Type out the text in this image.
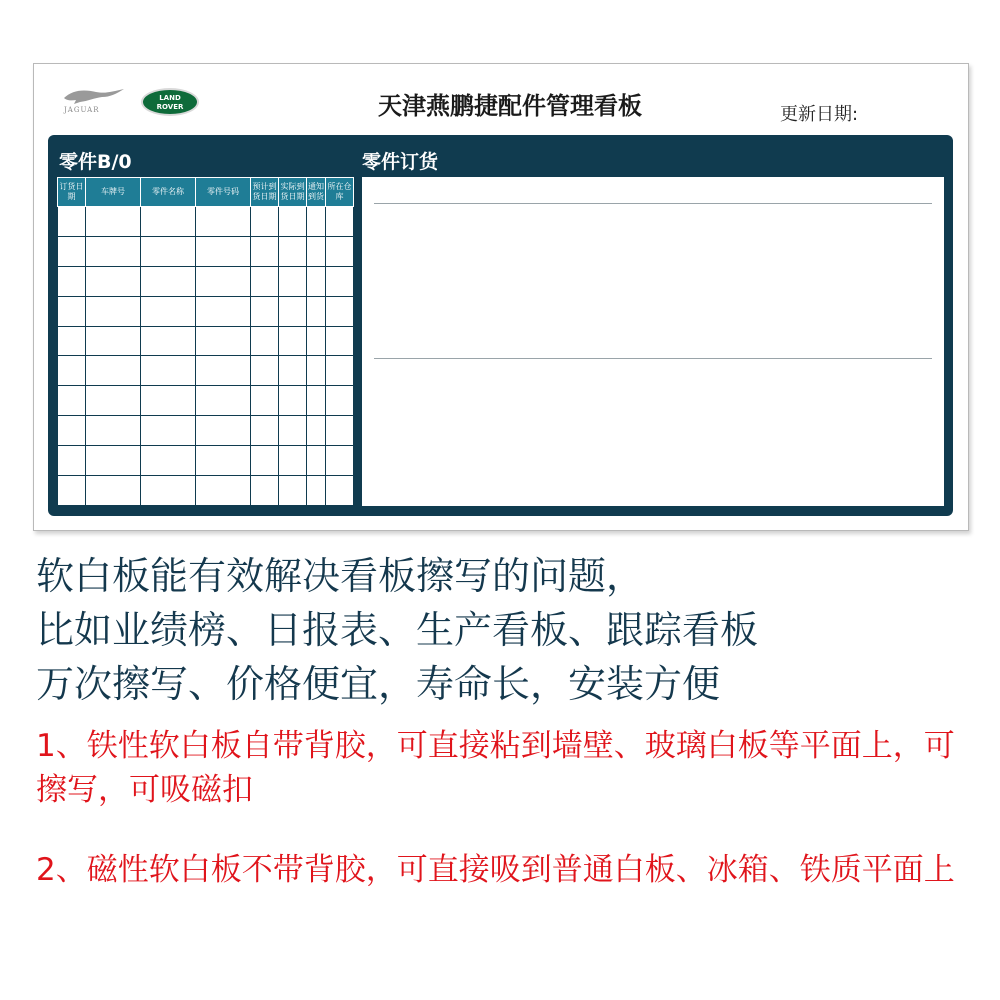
JAGUAR
LAND
ROVER	天津燕鹏捷配件管理看板	更新日期:
零件B/0	零件订货
订货日期	车牌号	零件名称	零件号码	预计到货日期	实际到货日期	通知到货	所在仓库

软白板能有效解决看板擦写的问题，
比如业绩榜、日报表、生产看板、跟踪看板
万次擦写、价格便宜，寿命长，安装方便
1、铁性软白板自带背胶，可直接粘到墙壁、玻璃白板等平面上，可擦写，可吸磁扣
2、磁性软白板不带背胶，可直接吸到普通白板、冰箱、铁质平面上
